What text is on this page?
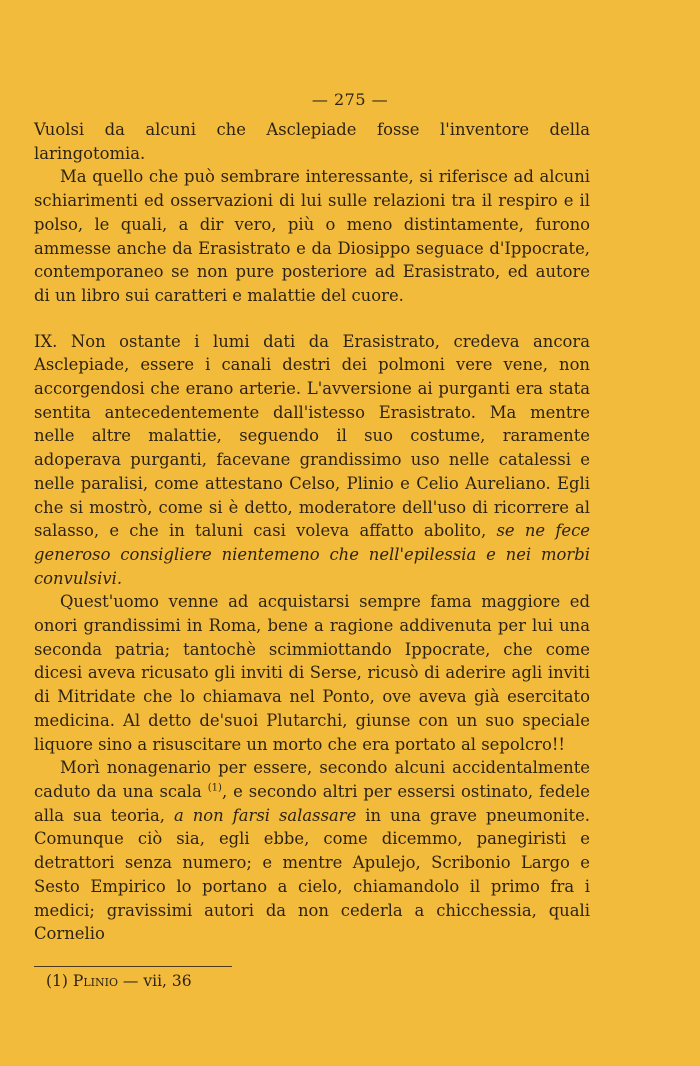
— 275 —

Vuolsi da alcuni che Asclepiade fosse l'inventore della laringotomia.

Ma quello che può sembrare interessante, si riferisce ad alcuni schiarimenti ed osservazioni di lui sulle relazioni tra il respiro e il polso, le quali, a dir vero, più o meno distintamente, furono ammesse anche da Erasistrato e da Diosippo seguace d'Ippocrate, contemporaneo se non pure posteriore ad Erasistrato, ed autore di un libro sui caratteri e malattie del cuore.

IX. Non ostante i lumi dati da Erasistrato, credeva ancora Asclepiade, essere i canali destri dei polmoni vere vene, non accorgendosi che erano arterie. L'avversione ai purganti era stata sentita antecedentemente dall'istesso Erasistrato. Ma mentre nelle altre malattie, seguendo il suo costume, raramente adoperava purganti, facevane grandissimo uso nelle catalessi e nelle paralisi, come attestano Celso, Plinio e Celio Aureliano. Egli che si mostrò, come si è detto, moderatore dell'uso di ricorrere al salasso, e che in taluni casi voleva affatto abolito, se ne fece generoso consigliere nientemeno che nell'epilessia e nei morbi convulsivi.

Quest'uomo venne ad acquistarsi sempre fama maggiore ed onori grandissimi in Roma, bene a ragione addivenuta per lui una seconda patria; tantochè scimmiottando Ippocrate, che come dicesi aveva ricusato gli inviti di Serse, ricusò di aderire agli inviti di Mitridate che lo chiamava nel Ponto, ove aveva già esercitato medicina. Al detto de'suoi Plutarchi, giunse con un suo speciale liquore sino a risuscitare un morto che era portato al sepolcro!!

Morì nonagenario per essere, secondo alcuni accidentalmente caduto da una scala $^{(1)}$, e secondo altri per essersi ostinato, fedele alla sua teoria, a non farsi salassare in una grave pneumonite. Comunque ciò sia, egli ebbe, come dicemmo, panegiristi e detrattori senza numero; e mentre Apulejo, Scribonio Largo e Sesto Empirico lo portano a cielo, chiamandolo il primo fra i medici; gravissimi autori da non cederla a chicchessia, quali Cornelio

(1) Plinio — vii, 36
